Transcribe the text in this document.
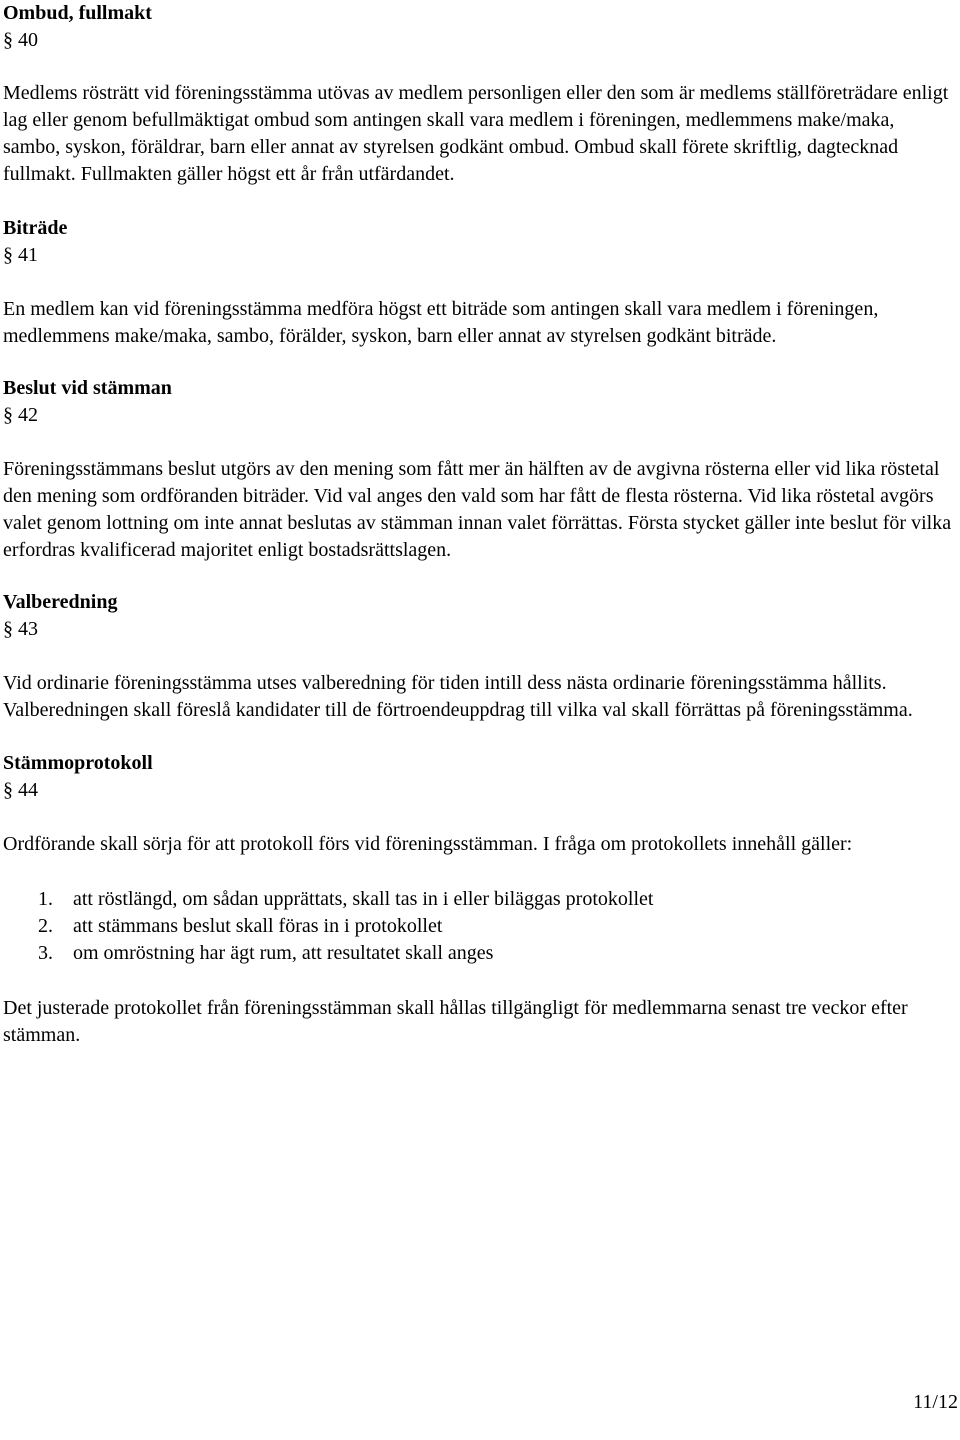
Ombud, fullmakt

§ 40

Medlems rösträtt vid föreningsstämma utövas av medlem personligen eller den som är medlems ställföreträdare enligt lag eller genom befullmäktigat ombud som antingen skall vara medlem i föreningen, medlemmens make/maka, sambo, syskon, föräldrar, barn eller annat av styrelsen godkänt ombud. Ombud skall förete skriftlig, dagtecknad fullmakt. Fullmakten gäller högst ett år från utfärdandet.

Biträde

§ 41

En medlem kan vid föreningsstämma medföra högst ett biträde som antingen skall vara medlem i föreningen, medlemmens make/maka, sambo, förälder, syskon, barn eller annat av styrelsen godkänt biträde.

Beslut vid stämman

§ 42

Föreningsstämmans beslut utgörs av den mening som fått mer än hälften av de avgivna rösterna eller vid lika röstetal den mening som ordföranden biträder. Vid val anges den vald som har fått de flesta rösterna. Vid lika röstetal avgörs valet genom lottning om inte annat beslutas av stämman innan valet förrättas. Första stycket gäller inte beslut för vilka erfordras kvalificerad majoritet enligt bostadsrättslagen.

Valberedning

§ 43

Vid ordinarie föreningsstämma utses valberedning för tiden intill dess nästa ordinarie föreningsstämma hållits. Valberedningen skall föreslå kandidater till de förtroendeuppdrag till vilka val skall förrättas på föreningsstämma.

Stämmoprotokoll

§ 44

Ordförande skall sörja för att protokoll förs vid föreningsstämman. I fråga om protokollets innehåll gäller:

1.	att röstlängd, om sådan upprättats, skall tas in i eller biläggas protokollet
2.	att stämmans beslut skall föras in i protokollet
3.	om omröstning har ägt rum, att resultatet skall anges

Det justerade protokollet från föreningsstämman skall hållas tillgängligt för medlemmarna senast tre veckor efter stämman.

11/12
